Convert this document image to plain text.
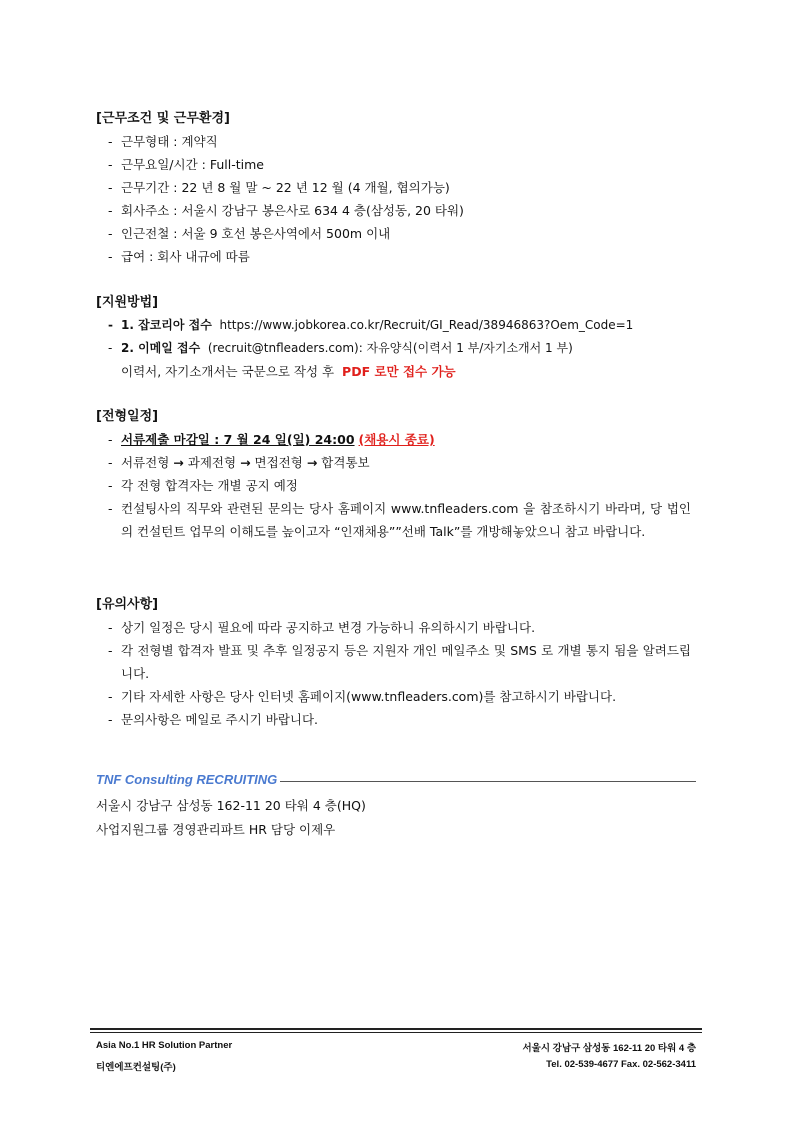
[근무조건 및 근무환경]
- 근무형태 : 계약직
- 근무요일/시간 : Full-time
- 근무기간 : 22 년 8 월 말 ~ 22 년 12 월 (4 개월, 협의가능)
- 회사주소 : 서울시 강남구 봉은사로 634 4 층(삼성동, 20 타워)
- 인근전철 : 서울 9 호선 봉은사역에서 500m 이내
- 급여 : 회사 내규에 따름
[지원방법]
- 1. 잡코리아 접수 https://www.jobkorea.co.kr/Recruit/GI_Read/38946863?Oem_Code=1
- 2. 이메일 접수 (recruit@tnfleaders.com): 자유양식(이력서 1 부/자기소개서 1 부)
이력서, 자기소개서는 국문으로 작성 후 PDF 로만 접수 가능
[전형일정]
- 서류제출 마감일 : 7 월 24 일(일) 24:00 (채용시 종료)
- 서류전형 → 과제전형 → 면접전형 → 합격통보
- 각 전형 합격자는 개별 공지 예정
- 컨설팅사의 직무와 관련된 문의는 당사 홈페이지 www.tnfleaders.com 을 참조하시기 바라며, 당 법인의 컨설턴트 업무의 이해도를 높이고자 “인재채용””선배 Talk”를 개방해놓았으니 참고 바랍니다.
[유의사항]
- 상기 일정은 당시 필요에 따라 공지하고 변경 가능하니 유의하시기 바랍니다.
- 각 전형별 합격자 발표 및 추후 일정공지 등은 지원자 개인 메일주소 및 SMS 로 개별 통지 됨을 알려드립니다.
- 기타 자세한 사항은 당사 인터넷 홈페이지(www.tnfleaders.com)를 참고하시기 바랍니다.
- 문의사항은 메일로 주시기 바랍니다.
TNF Consulting RECRUITING
서울시 강남구 삼성동 162-11 20 타워 4 층(HQ)
사업지원그룹 경영관리파트 HR 담당 이제우
Asia No.1 HR Solution Partner
티엔에프컨설팅(주)
서울시 강남구 삼성동 162-11 20 타워 4 층
Tel. 02-539-4677 Fax. 02-562-3411
